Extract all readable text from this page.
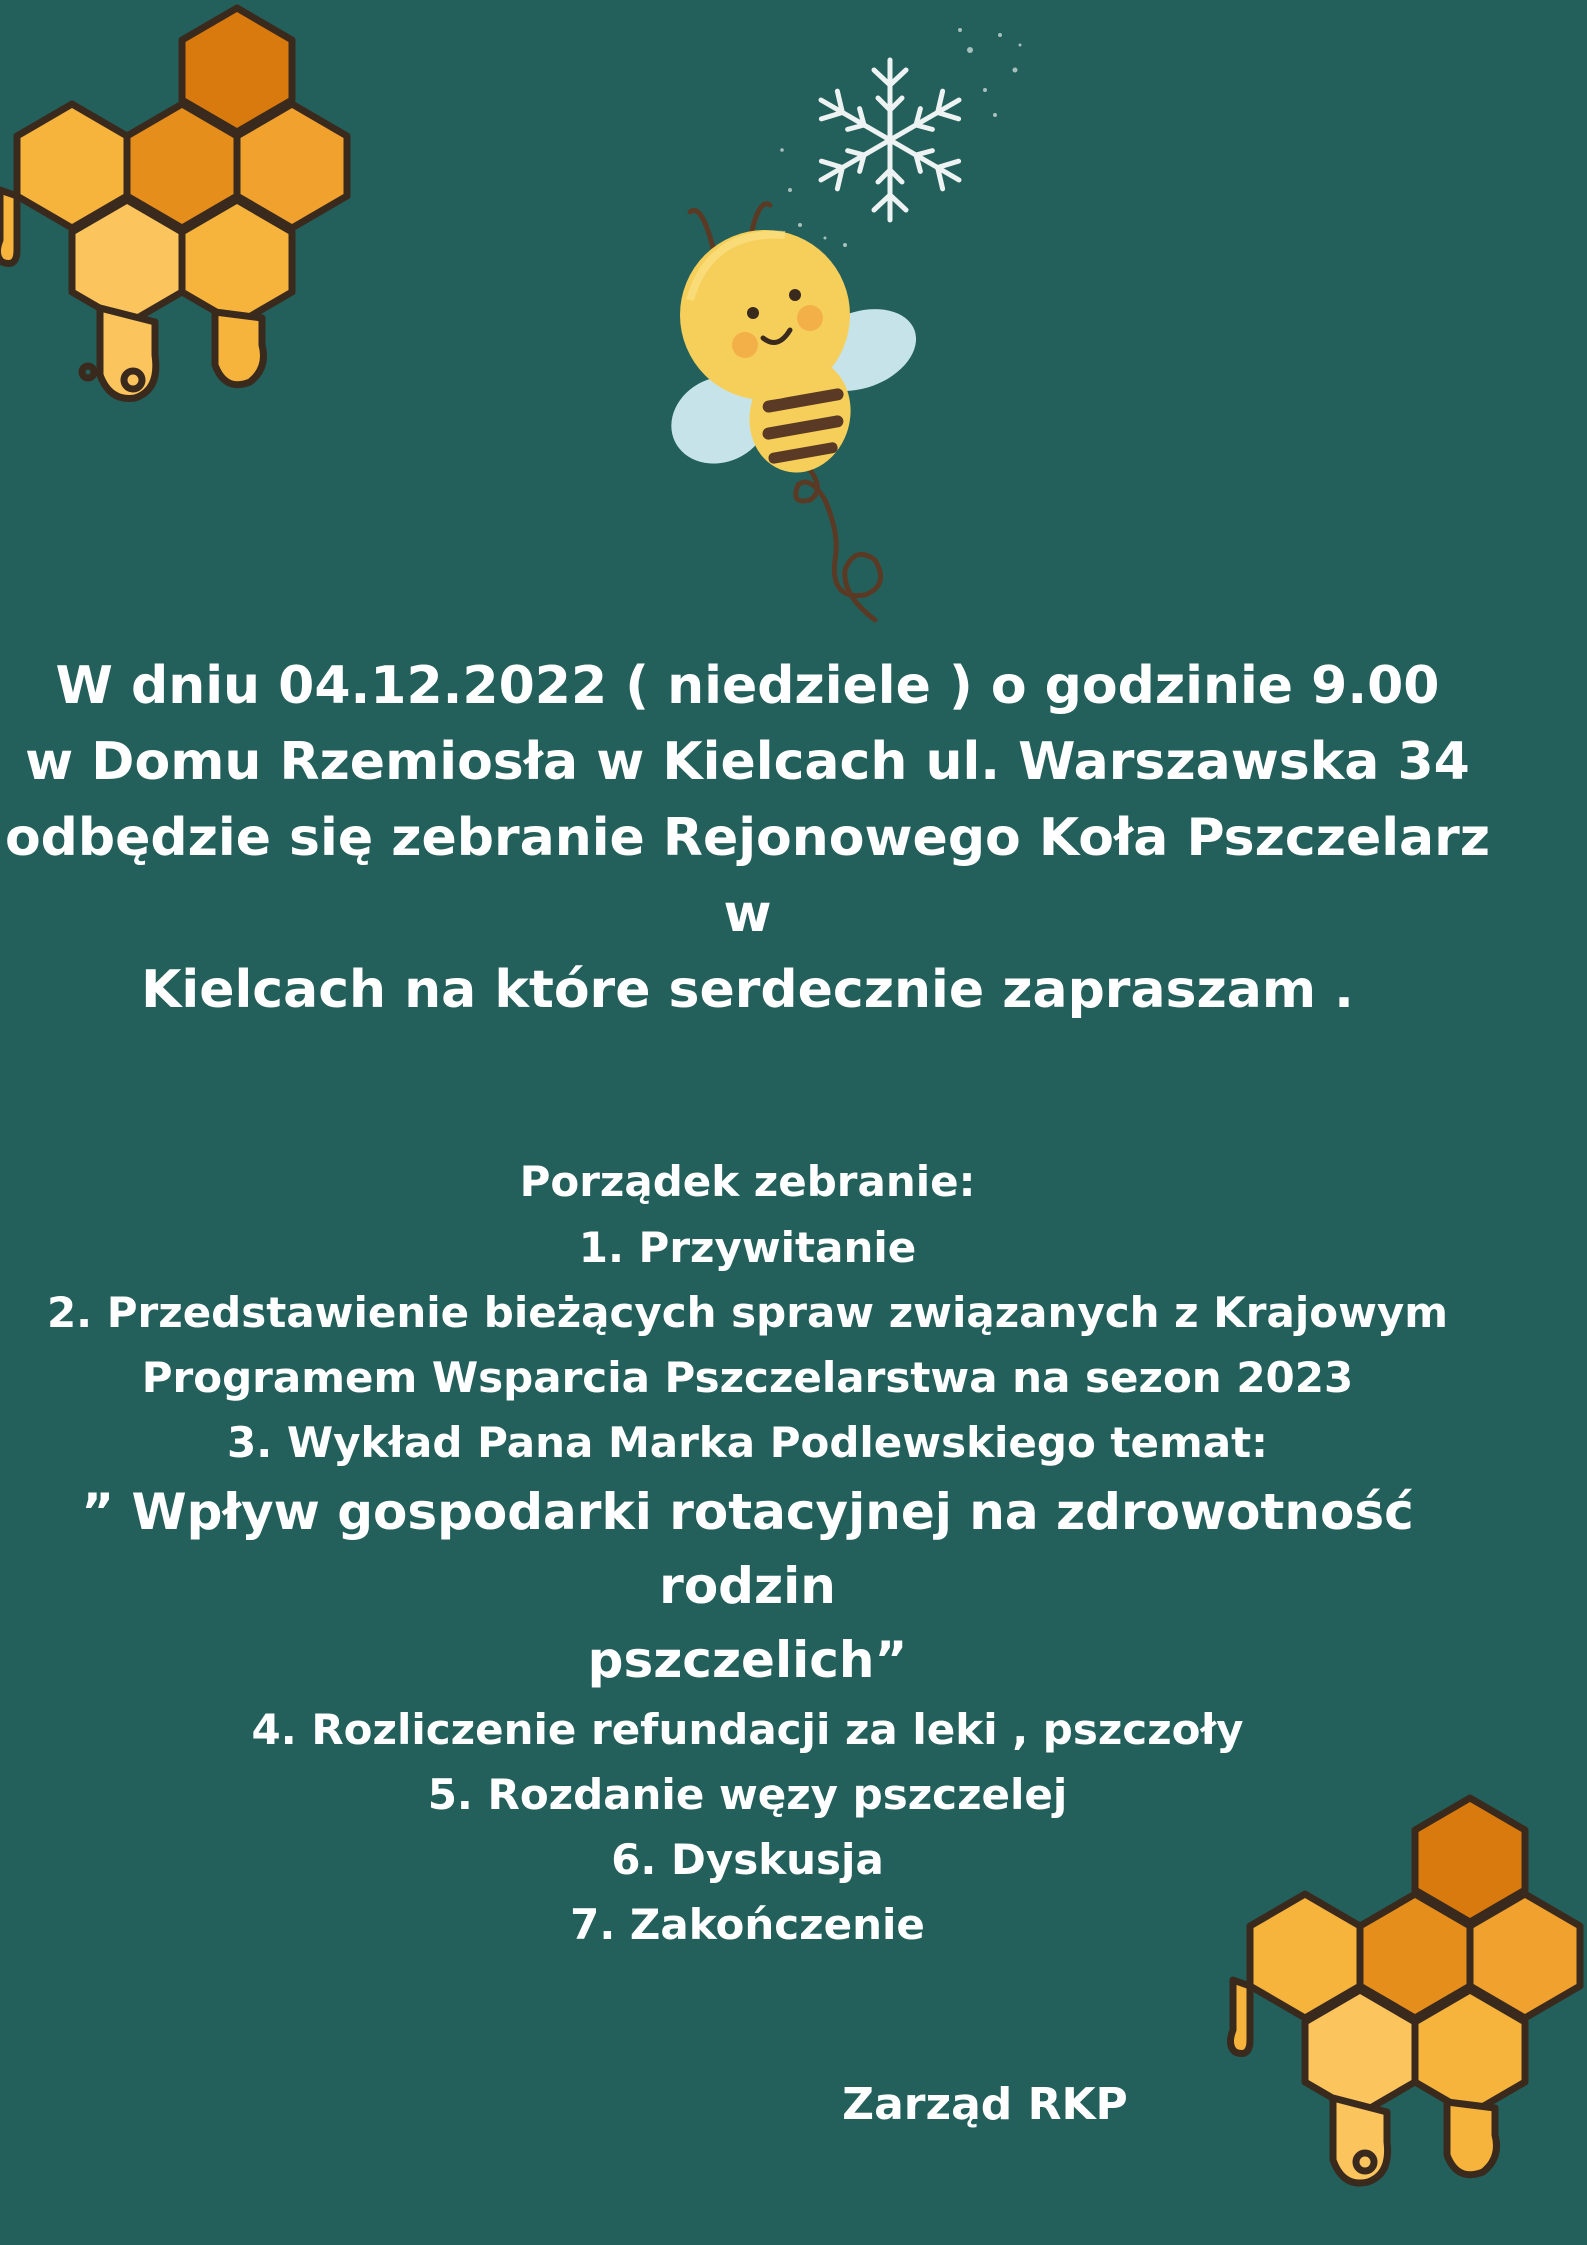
W dniu 04.12.2022 ( niedziele ) o godzinie 9.00
w Domu Rzemiosła w Kielcach ul. Warszawska 34
odbędzie się zebranie Rejonowego Koła Pszczelarz w
Kielcach na które serdecznie zapraszam .
Porządek zebranie:
1. Przywitanie
2. Przedstawienie bieżących spraw związanych z Krajowym
Programem Wsparcia Pszczelarstwa na sezon 2023
3. Wykład Pana Marka Podlewskiego temat:
” Wpływ gospodarki rotacyjnej na zdrowotność rodzin
pszczelich”
4. Rozliczenie refundacji za leki , pszczoły
5. Rozdanie węzy pszczelej
6. Dyskusja
7. Zakończenie
Zarząd RKP
